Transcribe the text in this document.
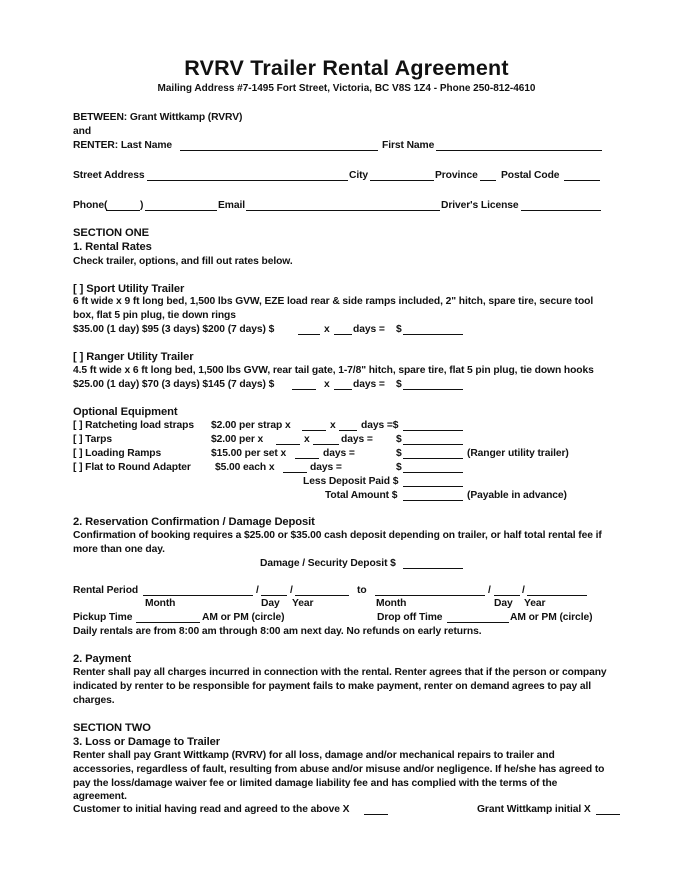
RVRV Trailer Rental Agreement
Mailing Address #7-1495 Fort Street, Victoria, BC V8S 1Z4 - Phone 250-812-4610
BETWEEN: Grant Wittkamp (RVRV)
and
RENTER: Last Name	First Name
Street Address	City	Province Postal Code
Phone(	)	Email	Driver's License
SECTION ONE
1. Rental Rates
Check trailer, options, and fill out rates below.
[ ] Sport Utility Trailer
6 ft wide x 9 ft long bed, 1,500 lbs GVW, EZE load rear & side ramps included, 2" hitch, spare tire, secure tool
box, flat 5 pin plug, tie down rings
$35.00 (1 day) $95 (3 days) $200 (7 days) $	x days = $
[ ] Ranger Utility Trailer
4.5 ft wide x 6 ft long bed, 1,500 lbs GVW, rear tail gate, 1-7/8" hitch, spare tire, flat 5 pin plug, tie down hooks
$25.00 (1 day) $70 (3 days) $145 (7 days) $	x days = $
Optional Equipment
[ ] Ratcheting load straps $2.00 per strap x	x days =$
[ ] Tarps	$2.00 per x	x	days = $
[ ] Loading Ramps	$15.00 per set x	days =	$	(Ranger utility trailer)
[ ] Flat to Round Adapter $5.00 each x	days =	$
Less Deposit Paid $
Total Amount $	(Payable in advance)
2. Reservation Confirmation / Damage Deposit
Confirmation of booking requires a $25.00 or $35.00 cash deposit depending on trailer, or half total rental fee if
more than one day.
Damage / Security Deposit $
Rental Period	/	/	to	/	/
Month	Day Year	Month	Day Year
Pickup Time	AM or PM (circle)	Drop off Time	AM or PM (circle)
Daily rentals are from 8:00 am through 8:00 am next day. No refunds on early returns.
2. Payment
Renter shall pay all charges incurred in connection with the rental. Renter agrees that if the person or company
indicated by renter to be responsible for payment fails to make payment, renter on demand agrees to pay all
charges.
SECTION TWO
3. Loss or Damage to Trailer
Renter shall pay Grant Wittkamp (RVRV) for all loss, damage and/or mechanical repairs to trailer and
accessories, regardless of fault, resulting from abuse and/or misuse and/or negligence. If he/she has agreed to
pay the loss/damage waiver fee or limited damage liability fee and has complied with the terms of the
agreement.
Customer to initial having read and agreed to the above X	Grant Wittkamp initial X
